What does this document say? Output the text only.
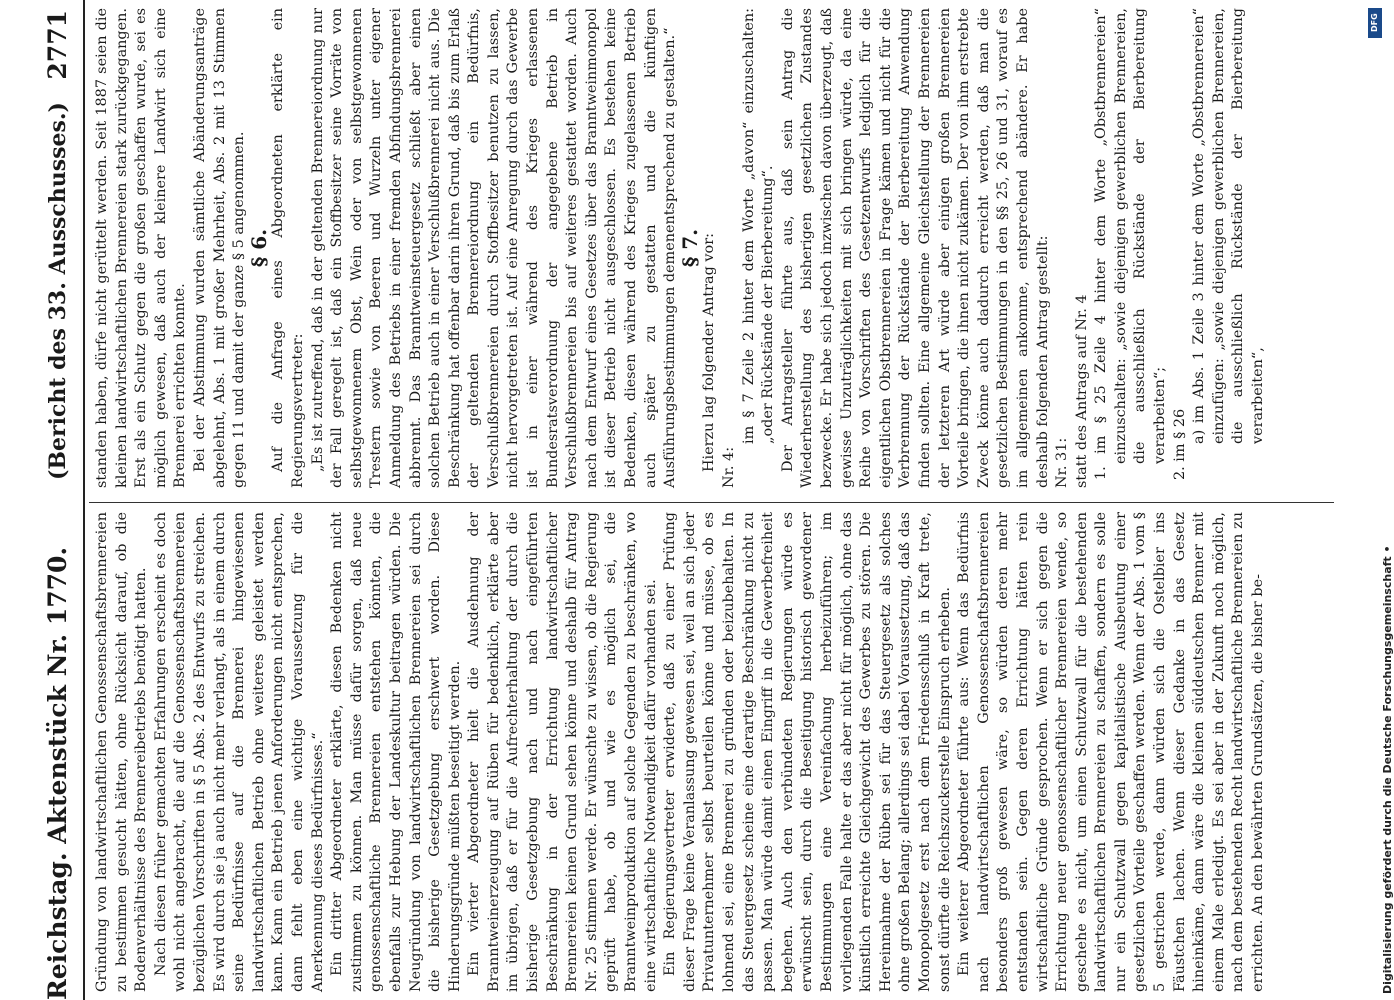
Reichstag. Aktenstück Nr. 1770.
(Bericht des 33. Ausschusses.)
2771

Gründung von landwirtschaftlichen Genossenschaftsbrennereien zu bestimmen gesucht hätten, ohne Rücksicht darauf, ob die Bodenverhältnisse des Brennereibetriebs benötigt hatten. Nach diesen früher gemachten Erfahrungen erscheint es doch wohl nicht angebracht, die auf die Genossenschaftsbrennereien bezüglichen Vorschriften in § 5 Abs. 2 des Entwurfs zu streichen. Es wird durch sie ja auch nicht mehr verlangt, als in einem durch seine Bedürfnisse auf die Brennerei hingewiesenen landwirtschaftlichen Betrieb ohne weiteres geleistet werden kann. Kann ein Betrieb jenen Anforderungen nicht entsprechen, dann fehlt eben eine wichtige Voraussetzung für die Anerkennung dieses Bedürfnisses.“ Ein dritter Abgeordneter erklärte, diesen Bedenken nicht zustimmen zu können. Man müsse dafür sorgen, daß neue genossenschaftliche Brennereien entstehen könnten, die ebenfalls zur Hebung der Landeskultur beitragen würden. Die Neugründung von landwirtschaftlichen Brennereien sei durch die bisherige Gesetzgebung erschwert worden. Diese Hinderungsgründe müßten beseitigt werden. Ein vierter Abgeordneter hielt die Ausdehnung der Branntweinerzeugung auf Rüben für bedenklich, erklärte aber im übrigen, daß er für die Aufrechterhaltung der durch die bisherige Gesetzgebung nach und nach eingeführten Beschränkung in der Errichtung landwirtschaftlicher Brennereien keinen Grund sehen könne und deshalb für Antrag Nr. 25 stimmen werde. Er wünschte zu wissen, ob die Regierung geprüft habe, ob und wie es möglich sei, die Branntweinproduktion auf solche Gegenden zu beschränken, wo eine wirtschaftliche Notwendigkeit dafür vorhanden sei. Ein Regierungsvertreter erwiderte, daß zu einer Prüfung dieser Frage keine Veranlassung gewesen sei, weil an sich jeder Privatunternehmer selbst beurteilen könne und müsse, ob es lohnend sei, eine Brennerei zu gründen oder beizubehalten. In das Steuergesetz scheine eine derartige Beschränkung nicht zu passen. Man würde damit einen Eingriff in die Gewerbefreiheit begehen. Auch den verbündeten Regierungen würde es erwünscht sein, durch die Beseitigung historisch gewordener Bestimmungen eine Vereinfachung herbeizuführen; im vorliegenden Falle halte er das aber nicht für möglich, ohne das künstlich erreichte Gleichgewicht des Gewerbes zu stören. Die Hereinnahme der Rüben sei für das Steuergesetz als solches ohne großen Belang; allerdings sei dabei Voraussetzung, daß das Monopolgesetz erst nach dem Friedensschluß in Kraft trete, sonst dürfte die Reichszuckerstelle Einspruch erheben. Ein weiterer Abgeordneter führte aus: Wenn das Bedürfnis nach landwirtschaftlichen Genossenschaftsbrennereien besonders groß gewesen wäre, so würden deren mehr entstanden sein. Gegen deren Errichtung hätten rein wirtschaftliche Gründe gesprochen. Wenn er sich gegen die Errichtung neuer genossenschaftlicher Brennereien wende, so geschehe es nicht, um einen Schutzwall für die bestehenden landwirtschaftlichen Brennereien zu schaffen, sondern es solle nur ein Schutzwall gegen kapitalistische Ausbeutung einer gesetzlichen Vorteile geschaffen werden. Wenn der Abs. 1 vom § 5 gestrichen werde, dann würden sich die Ostelbier ins Fäustchen lachen. Wenn dieser Gedanke in das Gesetz hineinkäme, dann wäre die kleinen süddeutschen Brenner mit einem Male erledigt. Es sei aber in der Zukunft noch möglich, nach dem bestehenden Recht landwirtschaftliche Brennereien zu errichten. An den bewährten Grundsätzen, die bisher be-

standen haben, dürfe nicht gerüttelt werden. Seit 1887 seien die kleinen landwirtschaftlichen Brennereien stark zurückgegangen. Erst als ein Schutz gegen die großen geschaffen wurde, sei es möglich gewesen, daß auch der kleinere Landwirt sich eine Brennerei errichten konnte. Bei der Abstimmung wurden sämtliche Abänderungsanträge abgelehnt, Abs. 1 mit großer Mehrheit, Abs. 2 mit 13 Stimmen gegen 11 und damit der ganze § 5 angenommen. § 6. Auf die Anfrage eines Abgeordneten erklärte ein Regierungsvertreter: „Es ist zutreffend, daß in der geltenden Brennereiordnung nur der Fall geregelt ist, daß ein Stoffbesitzer seine Vorräte von selbstgewonnenem Obst, Wein oder von selbstgewonnenen Trestern sowie von Beeren und Wurzeln unter eigener Anmeldung des Betriebs in einer fremden Abfindungsbrennerei abbrennt. Das Branntweinsteuergesetz schließt aber einen solchen Betrieb auch in einer Verschlußbrennerei nicht aus. Die Beschränkung hat offenbar darin ihren Grund, daß bis zum Erlaß der geltenden Brennereiordnung ein Bedürfnis, Verschlußbrennereien durch Stoffbesitzer benutzen zu lassen, nicht hervorgetreten ist. Auf eine Anregung durch das Gewerbe ist in einer während des Krieges erlassenen Bundesratsverordnung der angegebene Betrieb in Verschlußbrennereien bis auf weiteres gestattet worden. Auch nach dem Entwurf eines Gesetzes über das Branntweinmonopol ist dieser Betrieb nicht ausgeschlossen. Es bestehen keine Bedenken, diesen während des Krieges zugelassenen Betrieb auch später zu gestatten und die künftigen Ausführungsbestimmungen demenentsprechend zu gestalten.“ § 7. Hierzu lag folgender Antrag vor: Nr. 4:

im § 7 Zeile 2 hinter dem Worte „davon“ einzuschalten: „oder Rückstände der Bierbereitung“. Der Antragsteller führte aus, daß sein Antrag die Wiederherstellung des bisherigen gesetzlichen Zustandes bezwecke. Er habe sich jedoch inzwischen davon überzeugt, daß gewisse Unzuträglichkeiten mit sich bringen würde, da eine Reihe von Vorschriften des Gesetzentwurfs lediglich für die eigentlichen Obstbrennereien in Frage kämen und nicht für die Verbrennung der Rückstände der Bierbereitung Anwendung finden sollten. Eine allgemeine Gleichstellung der Brennereien der letzteren Art würde aber einigen großen Brennereien Vorteile bringen, die ihnen nicht zukämen. Der von ihm erstrebte Zweck könne auch dadurch erreicht werden, daß man die gesetzlichen Bestimmungen in den §§ 25, 26 und 31, worauf es im allgemeinen ankomme, entsprechend abändere. Er habe deshalb folgenden Antrag gestellt: Nr. 31: statt des Antrags auf Nr. 4 1. im § 25 Zeile 4 hinter dem Worte „Obstbrennereien“ einzuschalten: „sowie diejenigen gewerblichen Brennereien, die ausschließlich Rückstände der Bierbereitung verarbeiten“; 2. im § 26

a) im Abs. 1 Zeile 3 hinter dem Worte „Obstbrennereien“ einzufügen: „sowie diejenigen gewerblichen Brennereien, die ausschließlich Rückstände der Bierbereitung verarbeiten“,

Digitalisierung gefördert durch die Deutsche Forschungsgemeinschaft •
DFG
